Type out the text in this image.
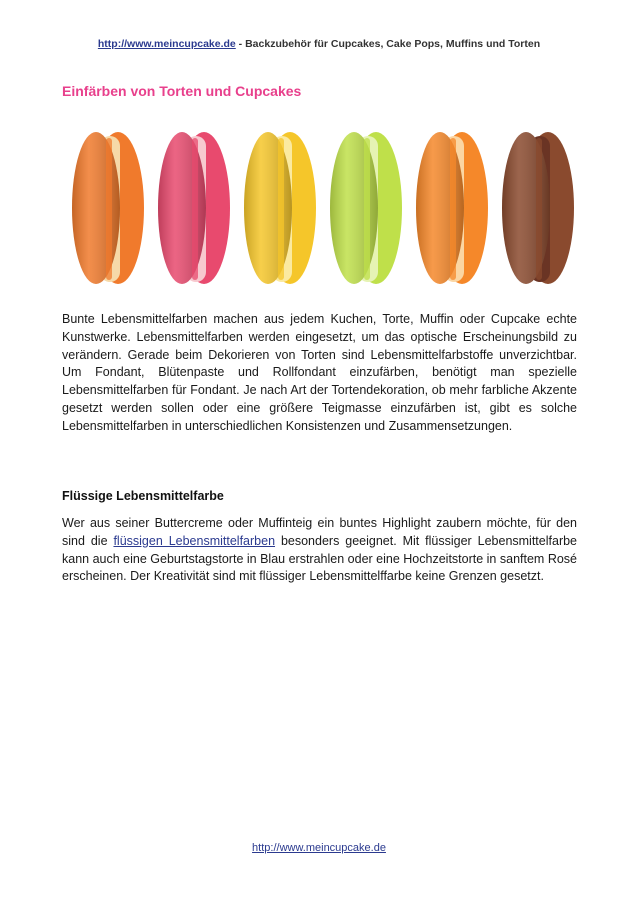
http://www.meincupcake.de - Backzubehör für Cupcakes, Cake Pops, Muffins und Torten
Einfärben von Torten und Cupcakes

Bunte Lebensmittelfarben machen aus jedem Kuchen, Torte, Muffin oder Cupcake echte Kunstwerke. Lebensmittelfarben werden eingesetzt, um das optische Erscheinungsbild zu verändern. Gerade beim Dekorieren von Torten sind Lebensmittelfarbstoffe unverzichtbar. Um Fondant, Blütenpaste und Rollfondant einzufärben, benötigt man spezielle Lebensmittelfarben für Fondant. Je nach Art der Tortendekoration, ob mehr farbliche Akzente gesetzt werden sollen oder eine größere Teigmasse einzufärben ist, gibt es solche Lebensmittelfarben in unterschiedlichen Konsistenzen und Zusammensetzungen.

Flüssige Lebensmittelfarbe

Wer aus seiner Buttercreme oder Muffinteig ein buntes Highlight zaubern möchte, für den sind die flüssigen Lebensmittelfarben besonders geeignet. Mit flüssiger Lebensmittelfarbe kann auch eine Geburtstagstorte in Blau erstrahlen oder eine Hochzeitstorte in sanftem Rosé erscheinen. Der Kreativität sind mit flüssiger Lebensmittelffarbe keine Grenzen gesetzt.

http://www.meincupcake.de
